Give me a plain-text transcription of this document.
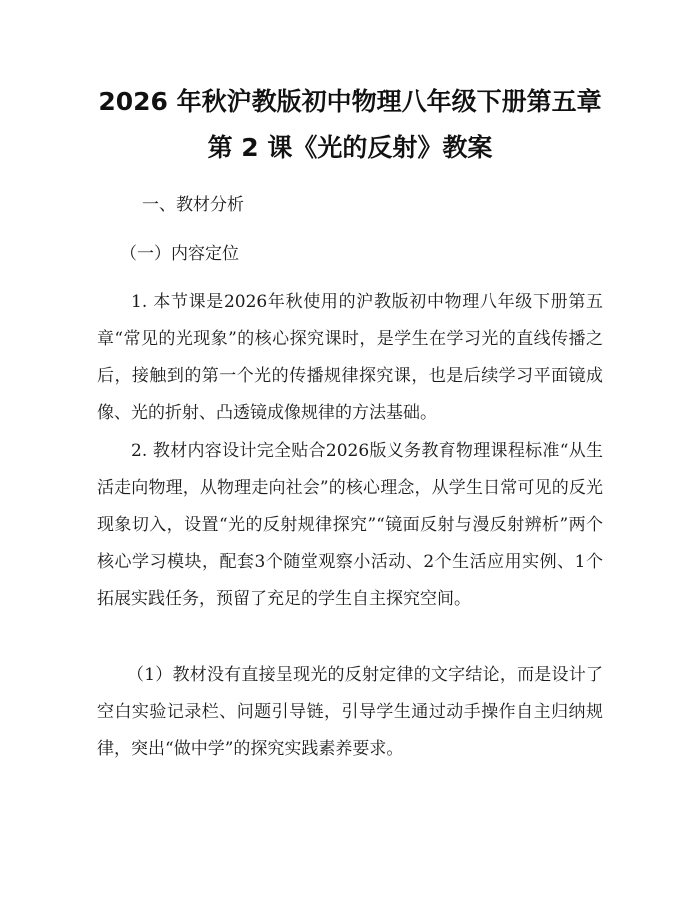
2026 年秋沪教版初中物理八年级下册第五章
第 2 课《光的反射》教案
一、教材分析
（一）内容定位

1. 本节课是2026年秋使用的沪教版初中物理八年级下册第五章“常见的光现象”的核心探究课时，是学生在学习光的直线传播之后，接触到的第一个光的传播规律探究课，也是后续学习平面镜成像、光的折射、凸透镜成像规律的方法基础。

2. 教材内容设计完全贴合2026版义务教育物理课程标准“从生活走向物理，从物理走向社会”的核心理念，从学生日常可见的反光现象切入，设置“光的反射规律探究”“镜面反射与漫反射辨析”两个核心学习模块，配套3个随堂观察小活动、2个生活应用实例、1个拓展实践任务，预留了充足的学生自主探究空间。

（1）教材没有直接呈现光的反射定律的文字结论，而是设计了空白实验记录栏、问题引导链，引导学生通过动手操作自主归纳规律，突出“做中学”的探究实践素养要求。
